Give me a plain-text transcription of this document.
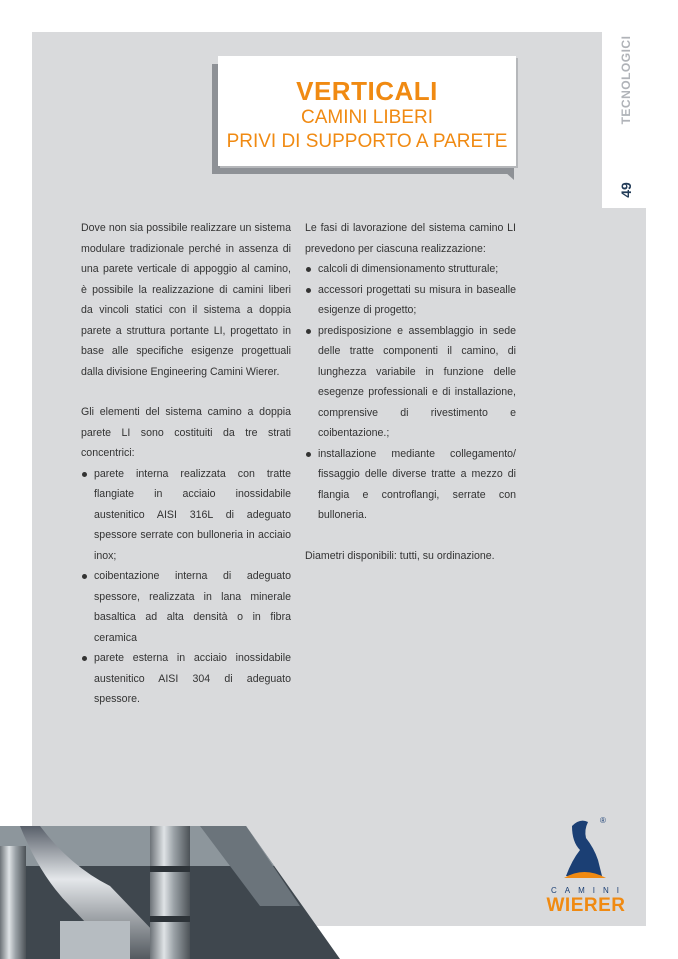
TECNOLOGICI
49
VERTICALI
CAMINI LIBERI
PRIVI DI SUPPORTO A PARETE

Dove non sia possibile realizzare un sistema modulare tradizionale perché in assenza di una parete verticale di appoggio al camino, è possibile la realizzazione di camini liberi da vincoli statici con il sistema a doppia parete a struttura portante LI, progettato in base alle specifiche esigenze progettuali dalla divisione Engineering Camini Wierer.

Gli elementi del sistema camino a doppia parete LI sono costituiti da tre strati concentrici:

parete interna realizzata con tratte flangiate in acciaio inossidabile austenitico AISI 316L di adeguato spessore serrate con bulloneria in acciaio inox;
coibentazione interna di adeguato spessore, realizzata in lana minerale basaltica ad alta densità o in fibra ceramica
parete esterna in acciaio inossidabile austenitico AISI 304 di adeguato spessore.

Le fasi di lavorazione del sistema camino LI prevedono per ciascuna realizzazione:

calcoli di dimensionamento strutturale;
accessori progettati su misura in basealle esigenze di progetto;
predisposizione e assemblaggio in sede delle tratte componenti il camino, di lunghezza variabile in funzione delle esegenze professionali e di installazione, comprensive di rivestimento e coibentazione.;
installazione mediante collegamento/ fissaggio delle diverse tratte a mezzo di flangia e controflangi, serrate con bulloneria.

Diametri disponibili: tutti, su ordinazione.

®
CAMINI
WIERER
